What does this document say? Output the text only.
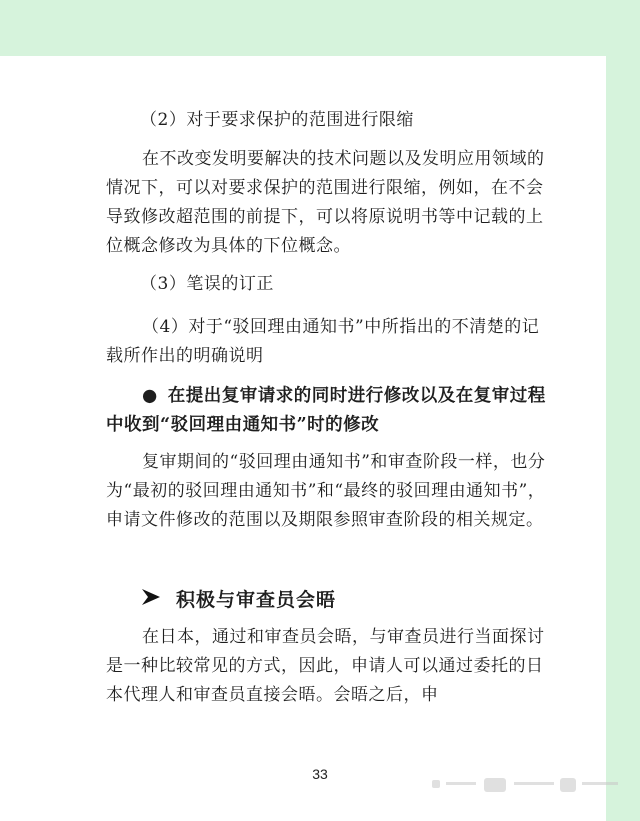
（2）对于要求保护的范围进行限缩

在不改变发明要解决的技术问题以及发明应用领域的情况下，可以对要求保护的范围进行限缩，例如，在不会导致修改超范围的前提下，可以将原说明书等中记载的上位概念修改为具体的下位概念。

（3）笔误的订正

（4）对于“驳回理由通知书”中所指出的不清楚的记载所作出的明确说明

● 在提出复审请求的同时进行修改以及在复审过程中收到“驳回理由通知书”时的修改

复审期间的“驳回理由通知书”和审查阶段一样，也分为“最初的驳回理由通知书”和“最终的驳回理由通知书”，申请文件修改的范围以及期限参照审查阶段的相关规定。

积极与审查员会晤

在日本，通过和审查员会晤，与审查员进行当面探讨是一种比较常见的方式，因此，申请人可以通过委托的日本代理人和审查员直接会晤。会晤之后，申

33
